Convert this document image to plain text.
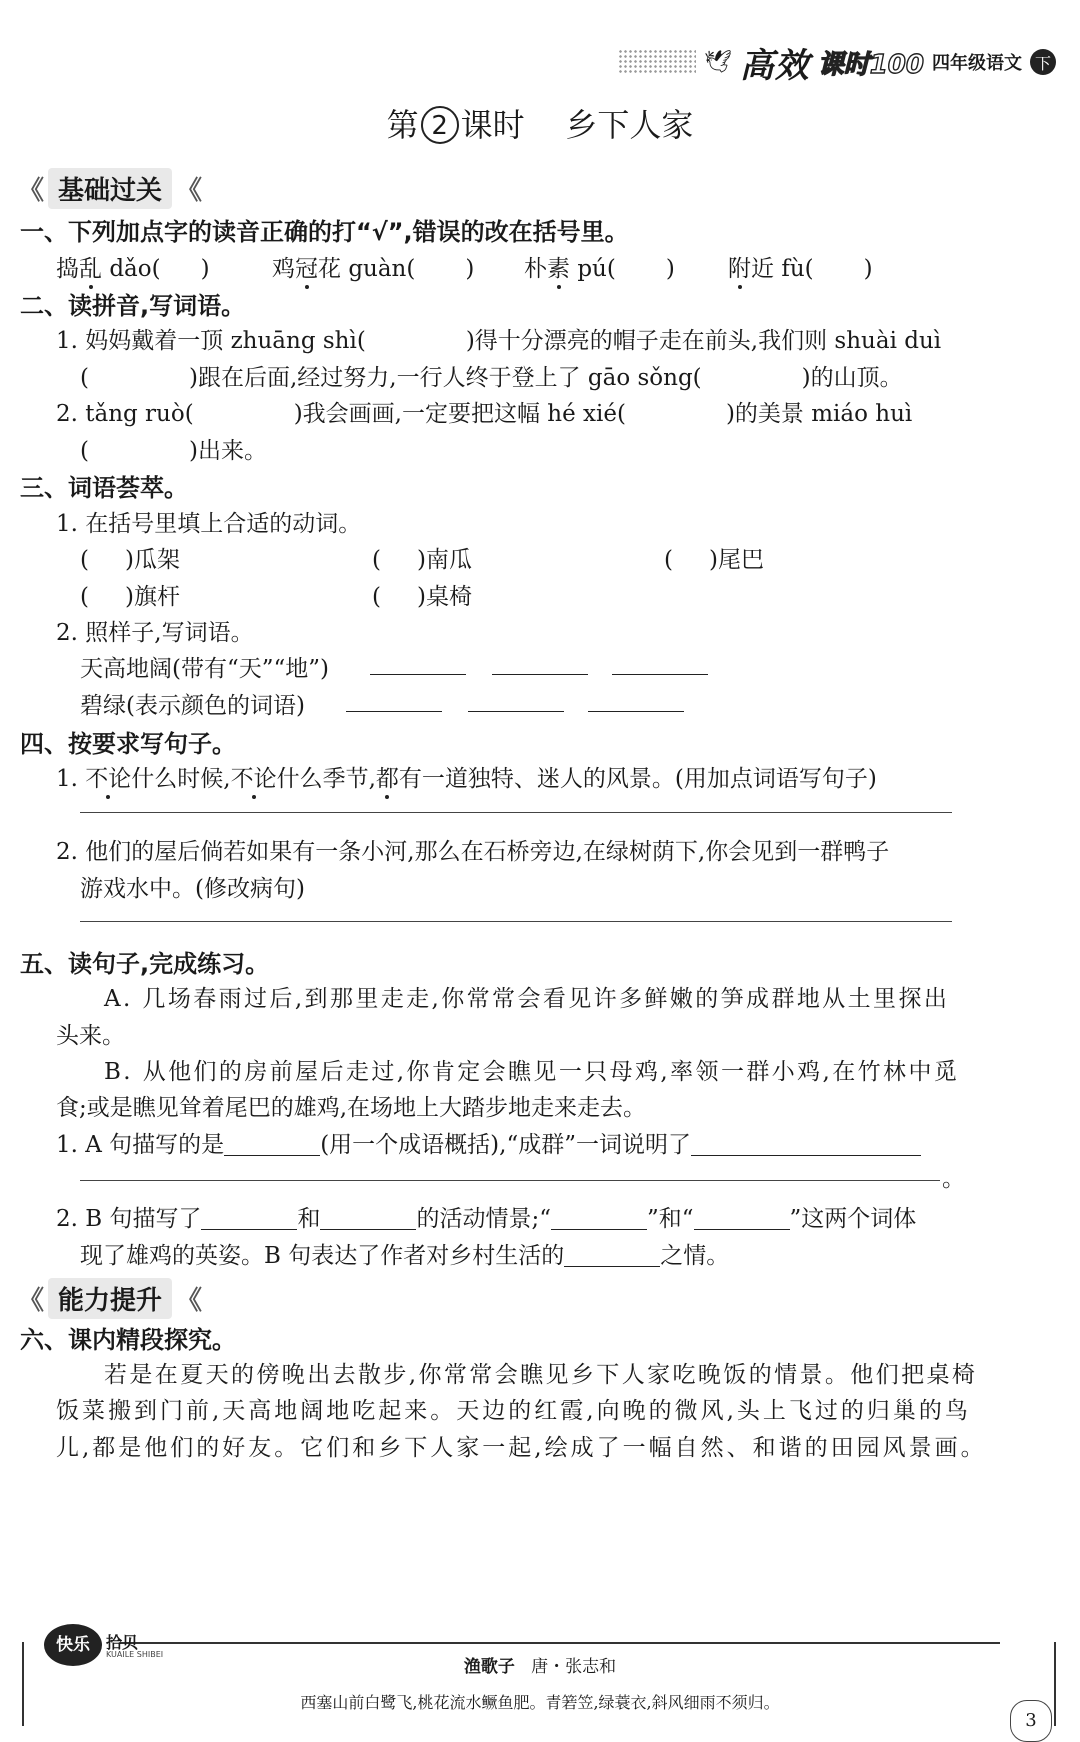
🕊 高效 课时100 四年级语文 下
第 2 课时 乡下人家
《 基础过关 《
一、下列加点字的读音正确的打“√”,错误的改在括号里。
捣乱 dǎo( )	鸡冠花 guàn( ) 朴素 pú( ) 附近 fù( )
二、读拼音,写词语。
1. 妈妈戴着一顶 zhuāng shì(	)得十分漂亮的帽子走在前头,我们则 shuài duì
(	)跟在后面,经过努力,一行人终于登上了 gāo sǒng(	)的山顶。
2. tǎng ruò(	)我会画画,一定要把这幅 hé xié(	)的美景 miáo huì
(	)出来。
三、词语荟萃。
1. 在括号里填上合适的动词。
( )瓜架	( )南瓜	( )尾巴
( )旗杆	( )桌椅
2. 照样子,写词语。
天高地阔(带有“天”“地”)
碧绿(表示颜色的词语)
四、按要求写句子。
1. 不论什么时候,不论什么季节,都有一道独特、迷人的风景。(用加点词语写句子)
2. 他们的屋后倘若如果有一条小河,那么在石桥旁边,在绿树荫下,你会见到一群鸭子
游戏水中。(修改病句)
五、读句子,完成练习。
A. 几场春雨过后,到那里走走,你常常会看见许多鲜嫩的笋成群地从土里探出
头来。
B. 从他们的房前屋后走过,你肯定会瞧见一只母鸡,率领一群小鸡,在竹林中觅
食;或是瞧见耸着尾巴的雄鸡,在场地上大踏步地走来走去。
1. A 句描写的是	(用一个成语概括),“成群”一词说明了
。
2. B 句描写了	和	的活动情景;“	”和“	”这两个词体
现了雄鸡的英姿。B 句表达了作者对乡村生活的	之情。
《 能力提升 《
六、课内精段探究。
若是在夏天的傍晚出去散步,你常常会瞧见乡下人家吃晚饭的情景。他们把桌椅
饭菜搬到门前,天高地阔地吃起来。天边的红霞,向晚的微风,头上飞过的归巢的鸟
儿,都是他们的好友。它们和乡下人家一起,绘成了一幅自然、和谐的田园风景画。
快乐	拾贝
KUAILE SHIBEI
渔歌子 唐・张志和
西塞山前白鹭飞,桃花流水鳜鱼肥。青箬笠,绿蓑衣,斜风细雨不须归。
3
